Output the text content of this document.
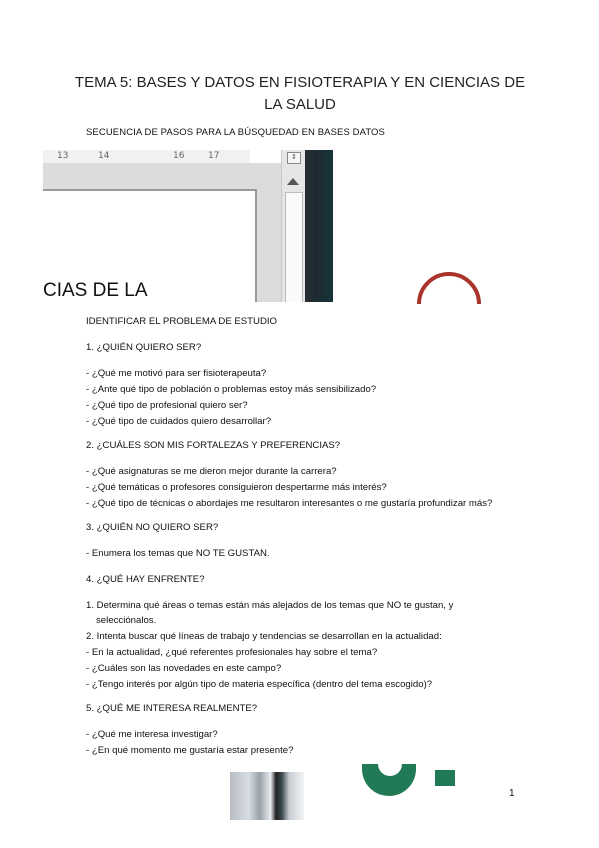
TEMA 5: BASES Y DATOS EN FISIOTERAPIA Y EN CIENCIAS DE LA SALUD
SECUENCIA DE PASOS PARA LA BÚSQUEDAD EN BASES DATOS
13	14	16	17	⇕
CIAS DE LA
IDENTIFICAR EL PROBLEMA DE ESTUDIO
1. ¿QUIÉN QUIERO SER?
- ¿Qué me motivó para ser fisioterapeuta?
- ¿Ante qué tipo de población o problemas estoy más sensibilizado?
- ¿Qué tipo de profesional quiero ser?
- ¿Qué tipo de cuidados quiero desarrollar?
2. ¿CUÁLES SON MIS FORTALEZAS Y PREFERENCIAS?
- ¿Qué asignaturas se me dieron mejor durante la carrera?
- ¿Qué temáticas o profesores consiguieron despertarme más interés?
- ¿Qué tipo de técnicas o abordajes me resultaron interesantes o me gustaría profundizar más?
3. ¿QUIÉN NO QUIERO SER?
- Enumera los temas que NO TE GUSTAN.
4. ¿QUÉ HAY ENFRENTE?
1. Determina qué áreas o temas están más alejados de los temas que NO te gustan, y
selecciónalos.
2. Intenta buscar qué líneas de trabajo y tendencias se desarrollan en la actualidad:
- En la actualidad, ¿qué referentes profesionales hay sobre el tema?
- ¿Cuáles son las novedades en este campo?
- ¿Tengo interés por algún tipo de materia específica (dentro del tema escogido)?
5. ¿QUÉ ME INTERESA REALMENTE?
- ¿Qué me interesa investigar?
- ¿En qué momento me gustaría estar presente?
1
